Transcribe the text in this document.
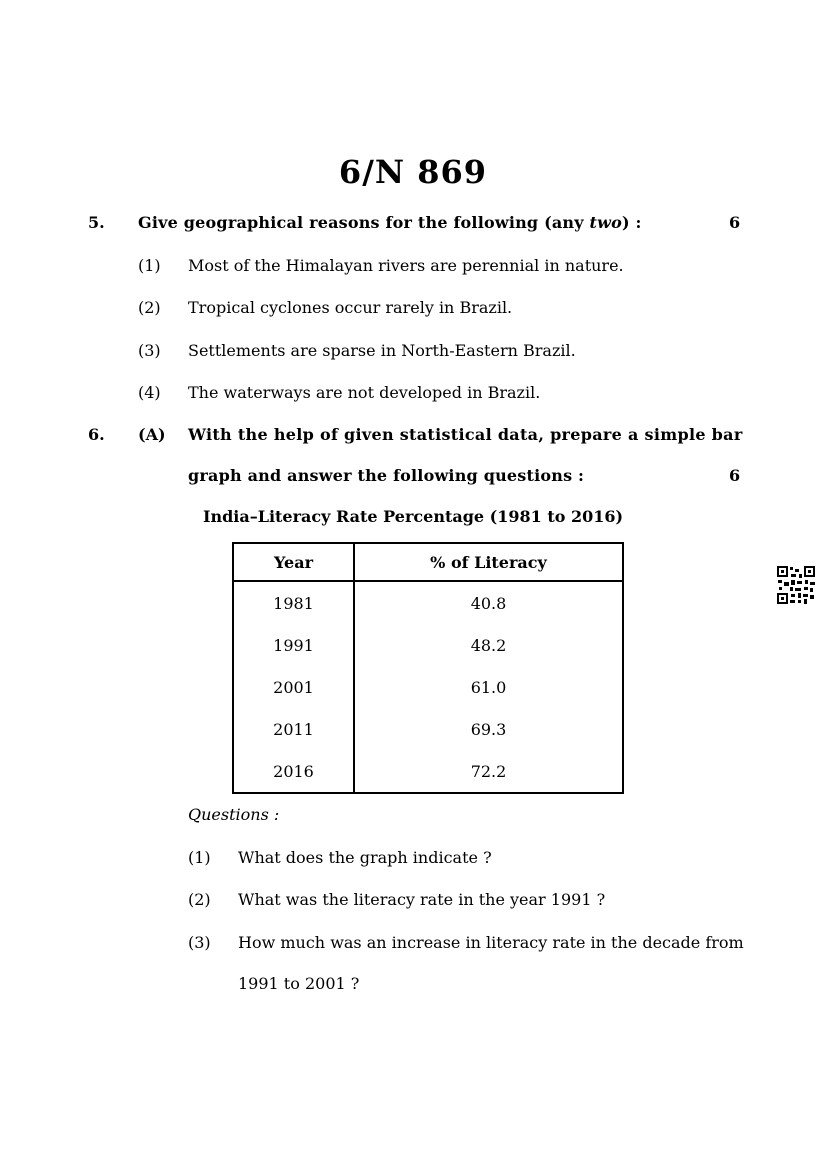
6/N 869
5. Give geographical reasons for the following (any two) :	6
(1) Most of the Himalayan rivers are perennial in nature.
(2) Tropical cyclones occur rarely in Brazil.
(3) Settlements are sparse in North-Eastern Brazil.
(4) The waterways are not developed in Brazil.
6. (A) With the help of given statistical data, prepare a simple bar
graph and answer the following questions :	6
India–Literacy Rate Percentage (1981 to 2016)
Year	% of Literacy
1981	40.8
1991	48.2
2001	61.0
2011	69.3
2016	72.2
Questions :
(1) What does the graph indicate ?
(2) What was the literacy rate in the year 1991 ?
(3) How much was an increase in literacy rate in the decade from
1991 to 2001 ?
